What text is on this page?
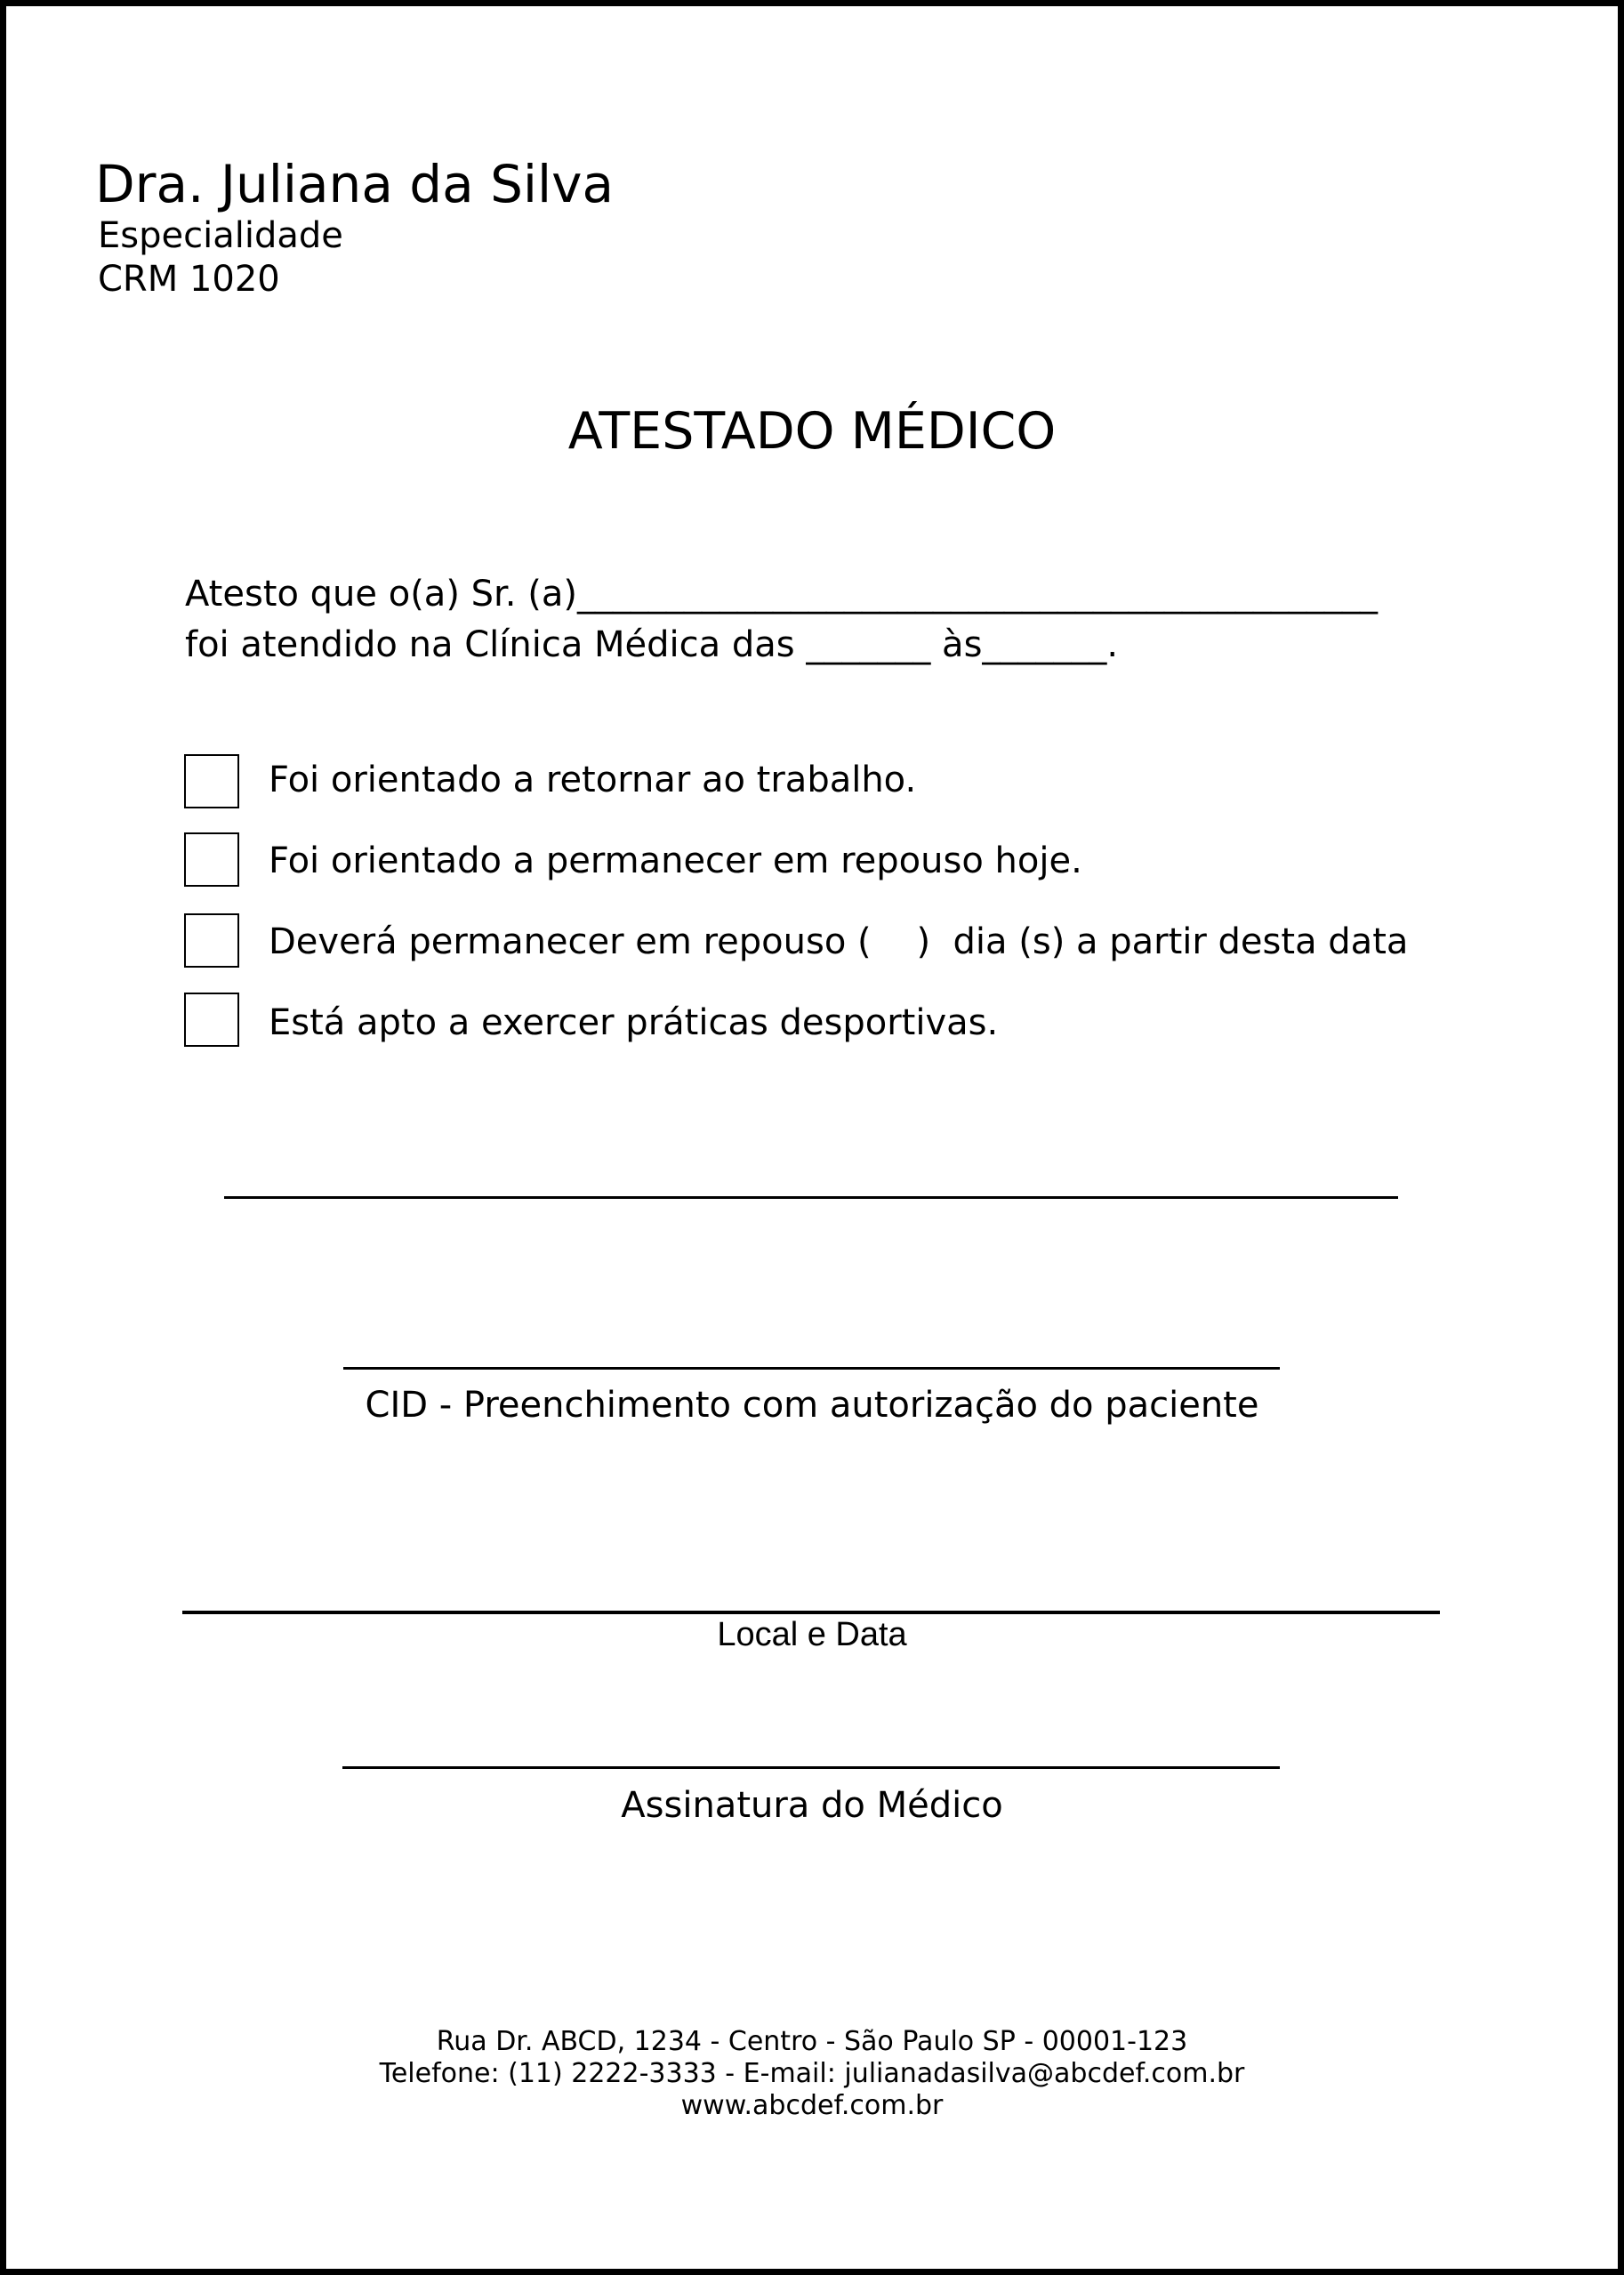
Dra. Juliana da Silva
Especialidade
CRM 1020
ATESTADO MÉDICO
Atesto que o(a) Sr. (a)_____________________________________________
foi atendido na Clínica Médica das _______ às_______.
Foi orientado a retornar ao trabalho.
Foi orientado a permanecer em repouso hoje.
Deverá permanecer em repouso (    )  dia (s) a partir desta data
Está apto a exercer práticas desportivas.
CID - Preenchimento com autorização do paciente
Local e Data
Assinatura do Médico
Rua Dr. ABCD, 1234 - Centro - São Paulo SP - 00001-123
Telefone: (11) 2222-3333 - E-mail: julianadasilva@abcdef.com.br
www.abcdef.com.br
